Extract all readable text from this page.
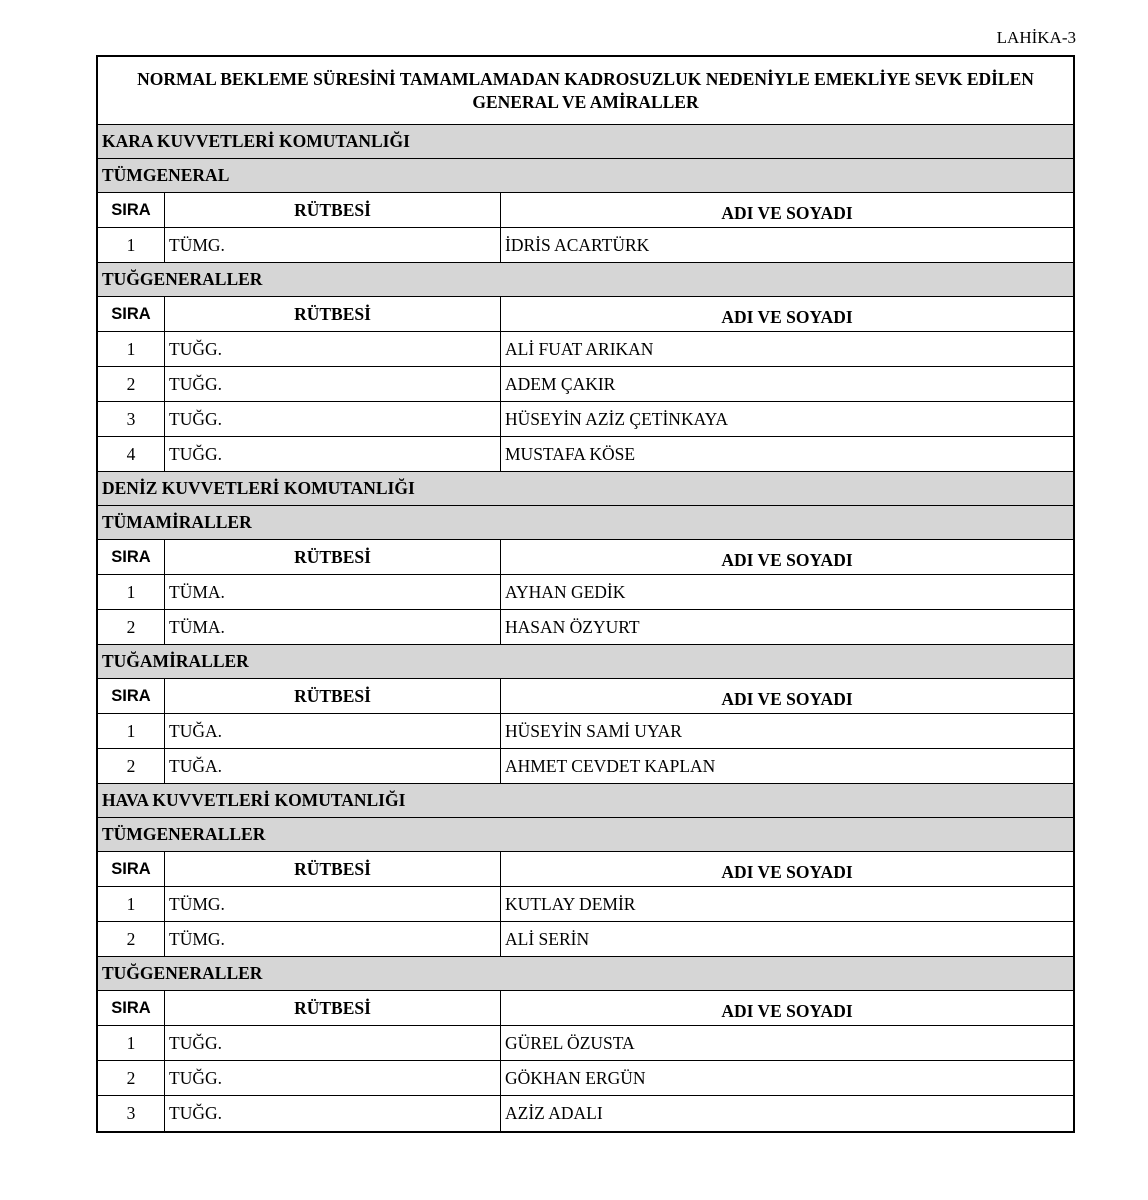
LAHİKA-3
NORMAL BEKLEME SÜRESİNİ TAMAMLAMADAN KADROSUZLUK NEDENİYLE EMEKLİYE SEVK EDİLEN
GENERAL VE AMİRALLER
KARA KUVVETLERİ KOMUTANLIĞI
TÜMGENERAL
SIRA	RÜTBESİ	ADI VE SOYADI
1	TÜMG.	İDRİS ACARTÜRK
TUĞGENERALLER
SIRA	RÜTBESİ	ADI VE SOYADI
1	TUĞG.	ALİ FUAT ARIKAN
2	TUĞG.	ADEM ÇAKIR
3	TUĞG.	HÜSEYİN AZİZ ÇETİNKAYA
4	TUĞG.	MUSTAFA KÖSE
DENİZ KUVVETLERİ KOMUTANLIĞI
TÜMAMİRALLER
SIRA	RÜTBESİ	ADI VE SOYADI
1	TÜMA.	AYHAN GEDİK
2	TÜMA.	HASAN ÖZYURT
TUĞAMİRALLER
SIRA	RÜTBESİ	ADI VE SOYADI
1	TUĞA.	HÜSEYİN SAMİ UYAR
2	TUĞA.	AHMET CEVDET KAPLAN
HAVA KUVVETLERİ KOMUTANLIĞI
TÜMGENERALLER
SIRA	RÜTBESİ	ADI VE SOYADI
1	TÜMG.	KUTLAY DEMİR
2	TÜMG.	ALİ SERİN
TUĞGENERALLER
SIRA	RÜTBESİ	ADI VE SOYADI
1	TUĞG.	GÜREL ÖZUSTA
2	TUĞG.	GÖKHAN ERGÜN
3	TUĞG.	AZİZ ADALI
